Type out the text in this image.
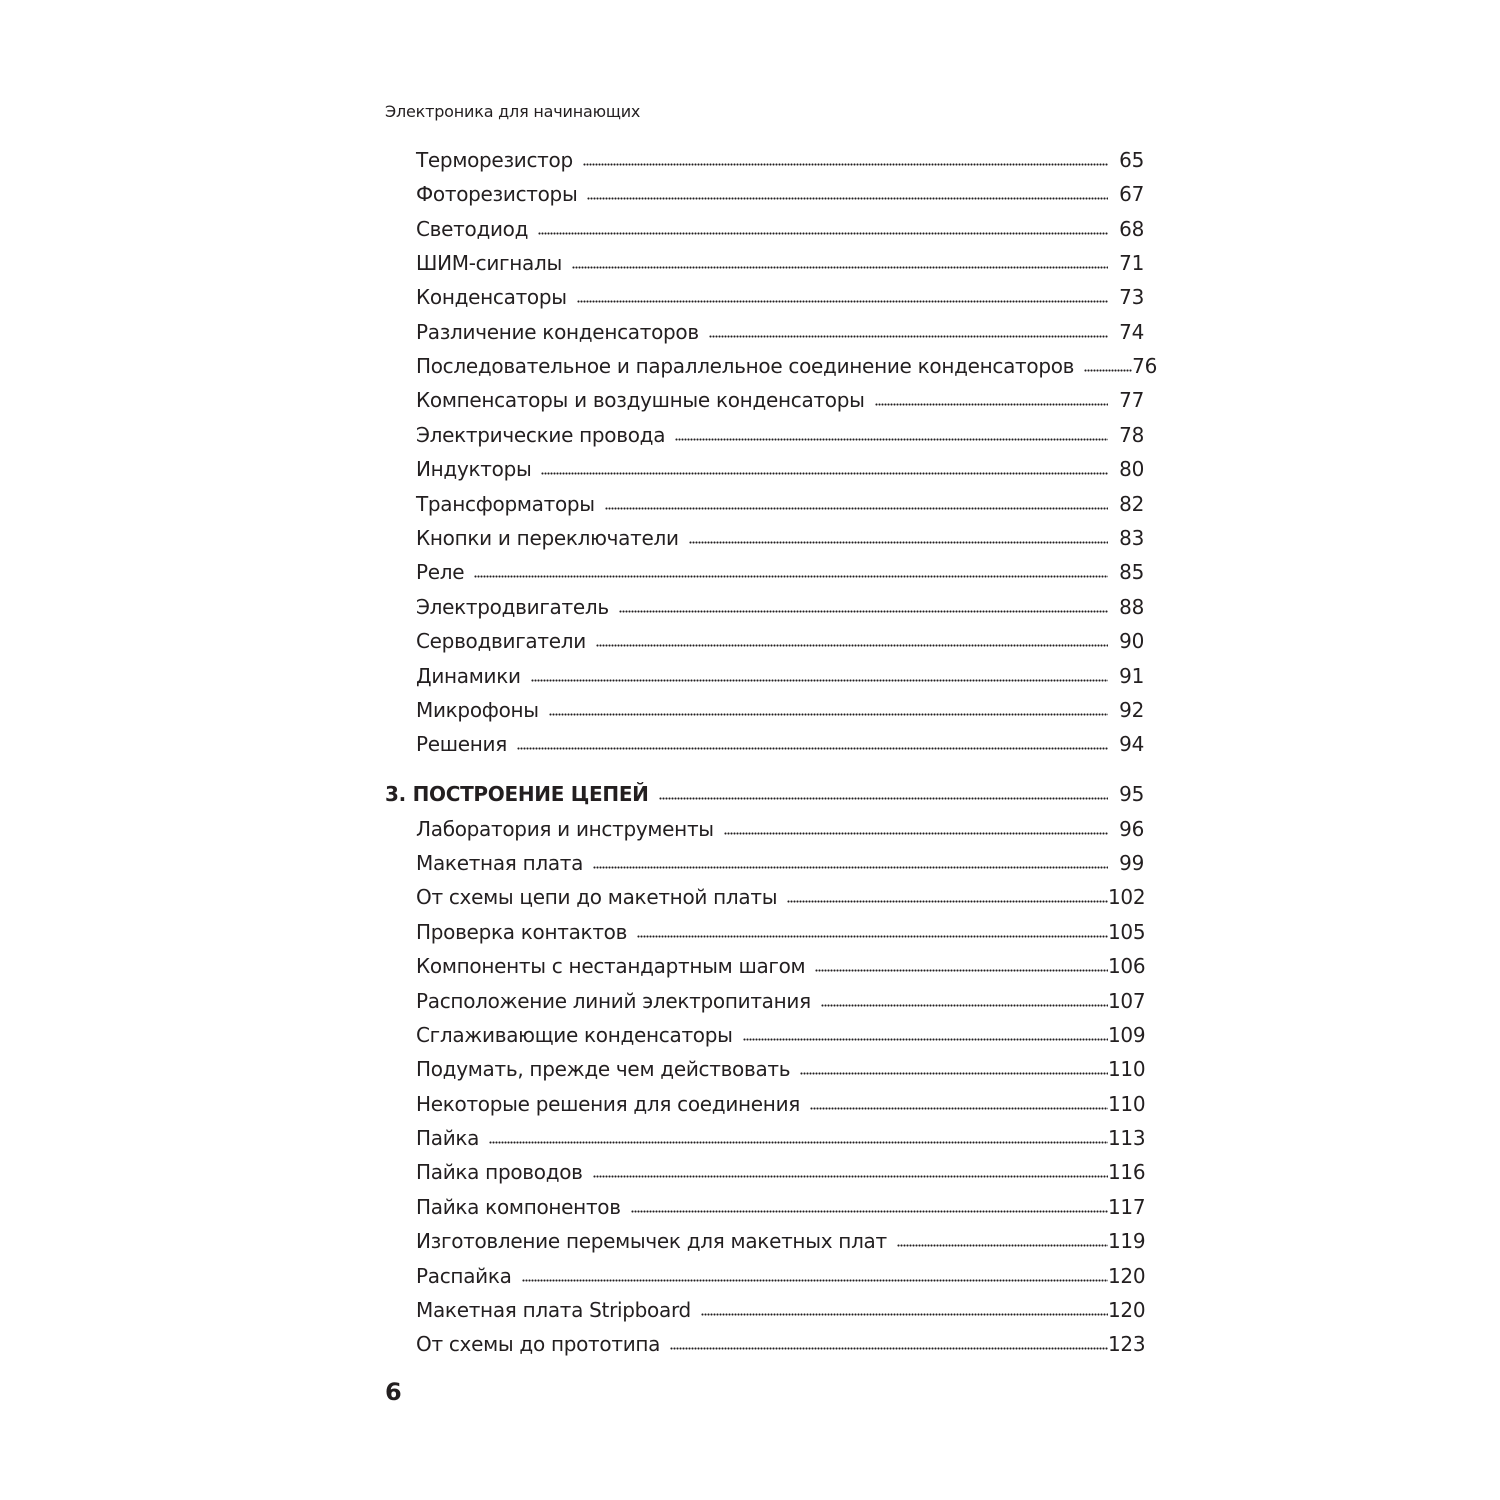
Электроника для начинающих
Терморезистор	65
Фоторезисторы	67
Светодиод	68
ШИМ-сигналы	71
Конденсаторы	73
Различение конденсаторов	74
Последовательное и параллельное соединение конденсаторов	76
Компенсаторы и воздушные конденсаторы	77
Электрические провода	78
Индукторы	80
Трансформаторы	82
Кнопки и переключатели	83
Реле	85
Электродвигатель	88
Серводвигатели	90
Динамики	91
Микрофоны	92
Решения	94
3. ПОСТРОЕНИЕ ЦЕПЕЙ	95
Лаборатория и инструменты	96
Макетная плата	99
От схемы цепи до макетной платы	102
Проверка контактов	105
Компоненты с нестандартным шагом	106
Расположение линий электропитания	107
Сглаживающие конденсаторы	109
Подумать, прежде чем действовать	110
Некоторые решения для соединения	110
Пайка	113
Пайка проводов	116
Пайка компонентов	117
Изготовление перемычек для макетных плат	119
Распайка	120
Макетная плата Stripboard	120
От схемы до прототипа	123
6
